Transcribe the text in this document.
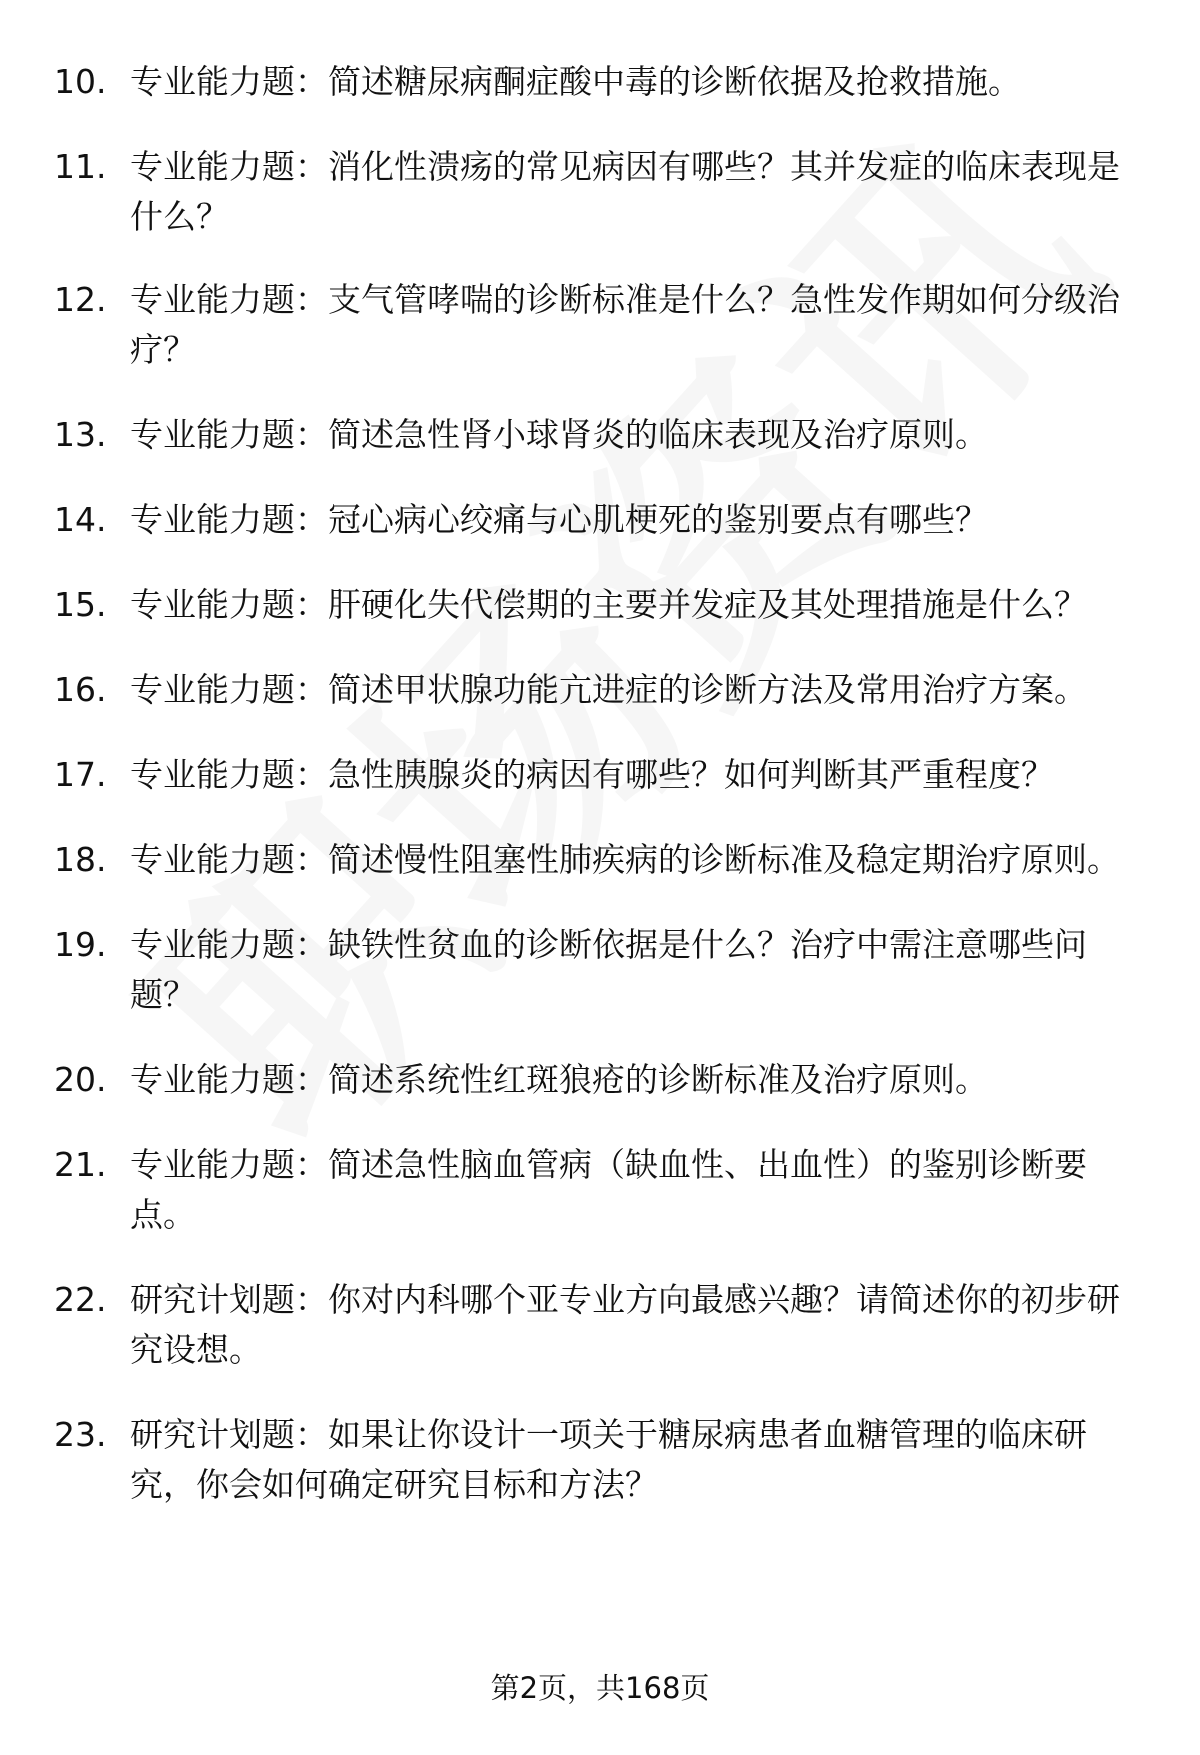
10. 专业能力题：简述糖尿病酮症酸中毒的诊断依据及抢救措施。
11. 专业能力题：消化性溃疡的常见病因有哪些？其并发症的临床表现是什么？
12. 专业能力题：支气管哮喘的诊断标准是什么？急性发作期如何分级治疗？
13. 专业能力题：简述急性肾小球肾炎的临床表现及治疗原则。
14. 专业能力题：冠心病心绞痛与心肌梗死的鉴别要点有哪些？
15. 专业能力题：肝硬化失代偿期的主要并发症及其处理措施是什么？
16. 专业能力题：简述甲状腺功能亢进症的诊断方法及常用治疗方案。
17. 专业能力题：急性胰腺炎的病因有哪些？如何判断其严重程度？
18. 专业能力题：简述慢性阻塞性肺疾病的诊断标准及稳定期治疗原则。
19. 专业能力题：缺铁性贫血的诊断依据是什么？治疗中需注意哪些问题？
20. 专业能力题：简述系统性红斑狼疮的诊断标准及治疗原则。
21. 专业能力题：简述急性脑血管病（缺血性、出血性）的鉴别诊断要点。
22. 研究计划题：你对内科哪个亚专业方向最感兴趣？请简述你的初步研究设想。
23. 研究计划题：如果让你设计一项关于糖尿病患者血糖管理的临床研究，你会如何确定研究目标和方法？
第2页，共168页
